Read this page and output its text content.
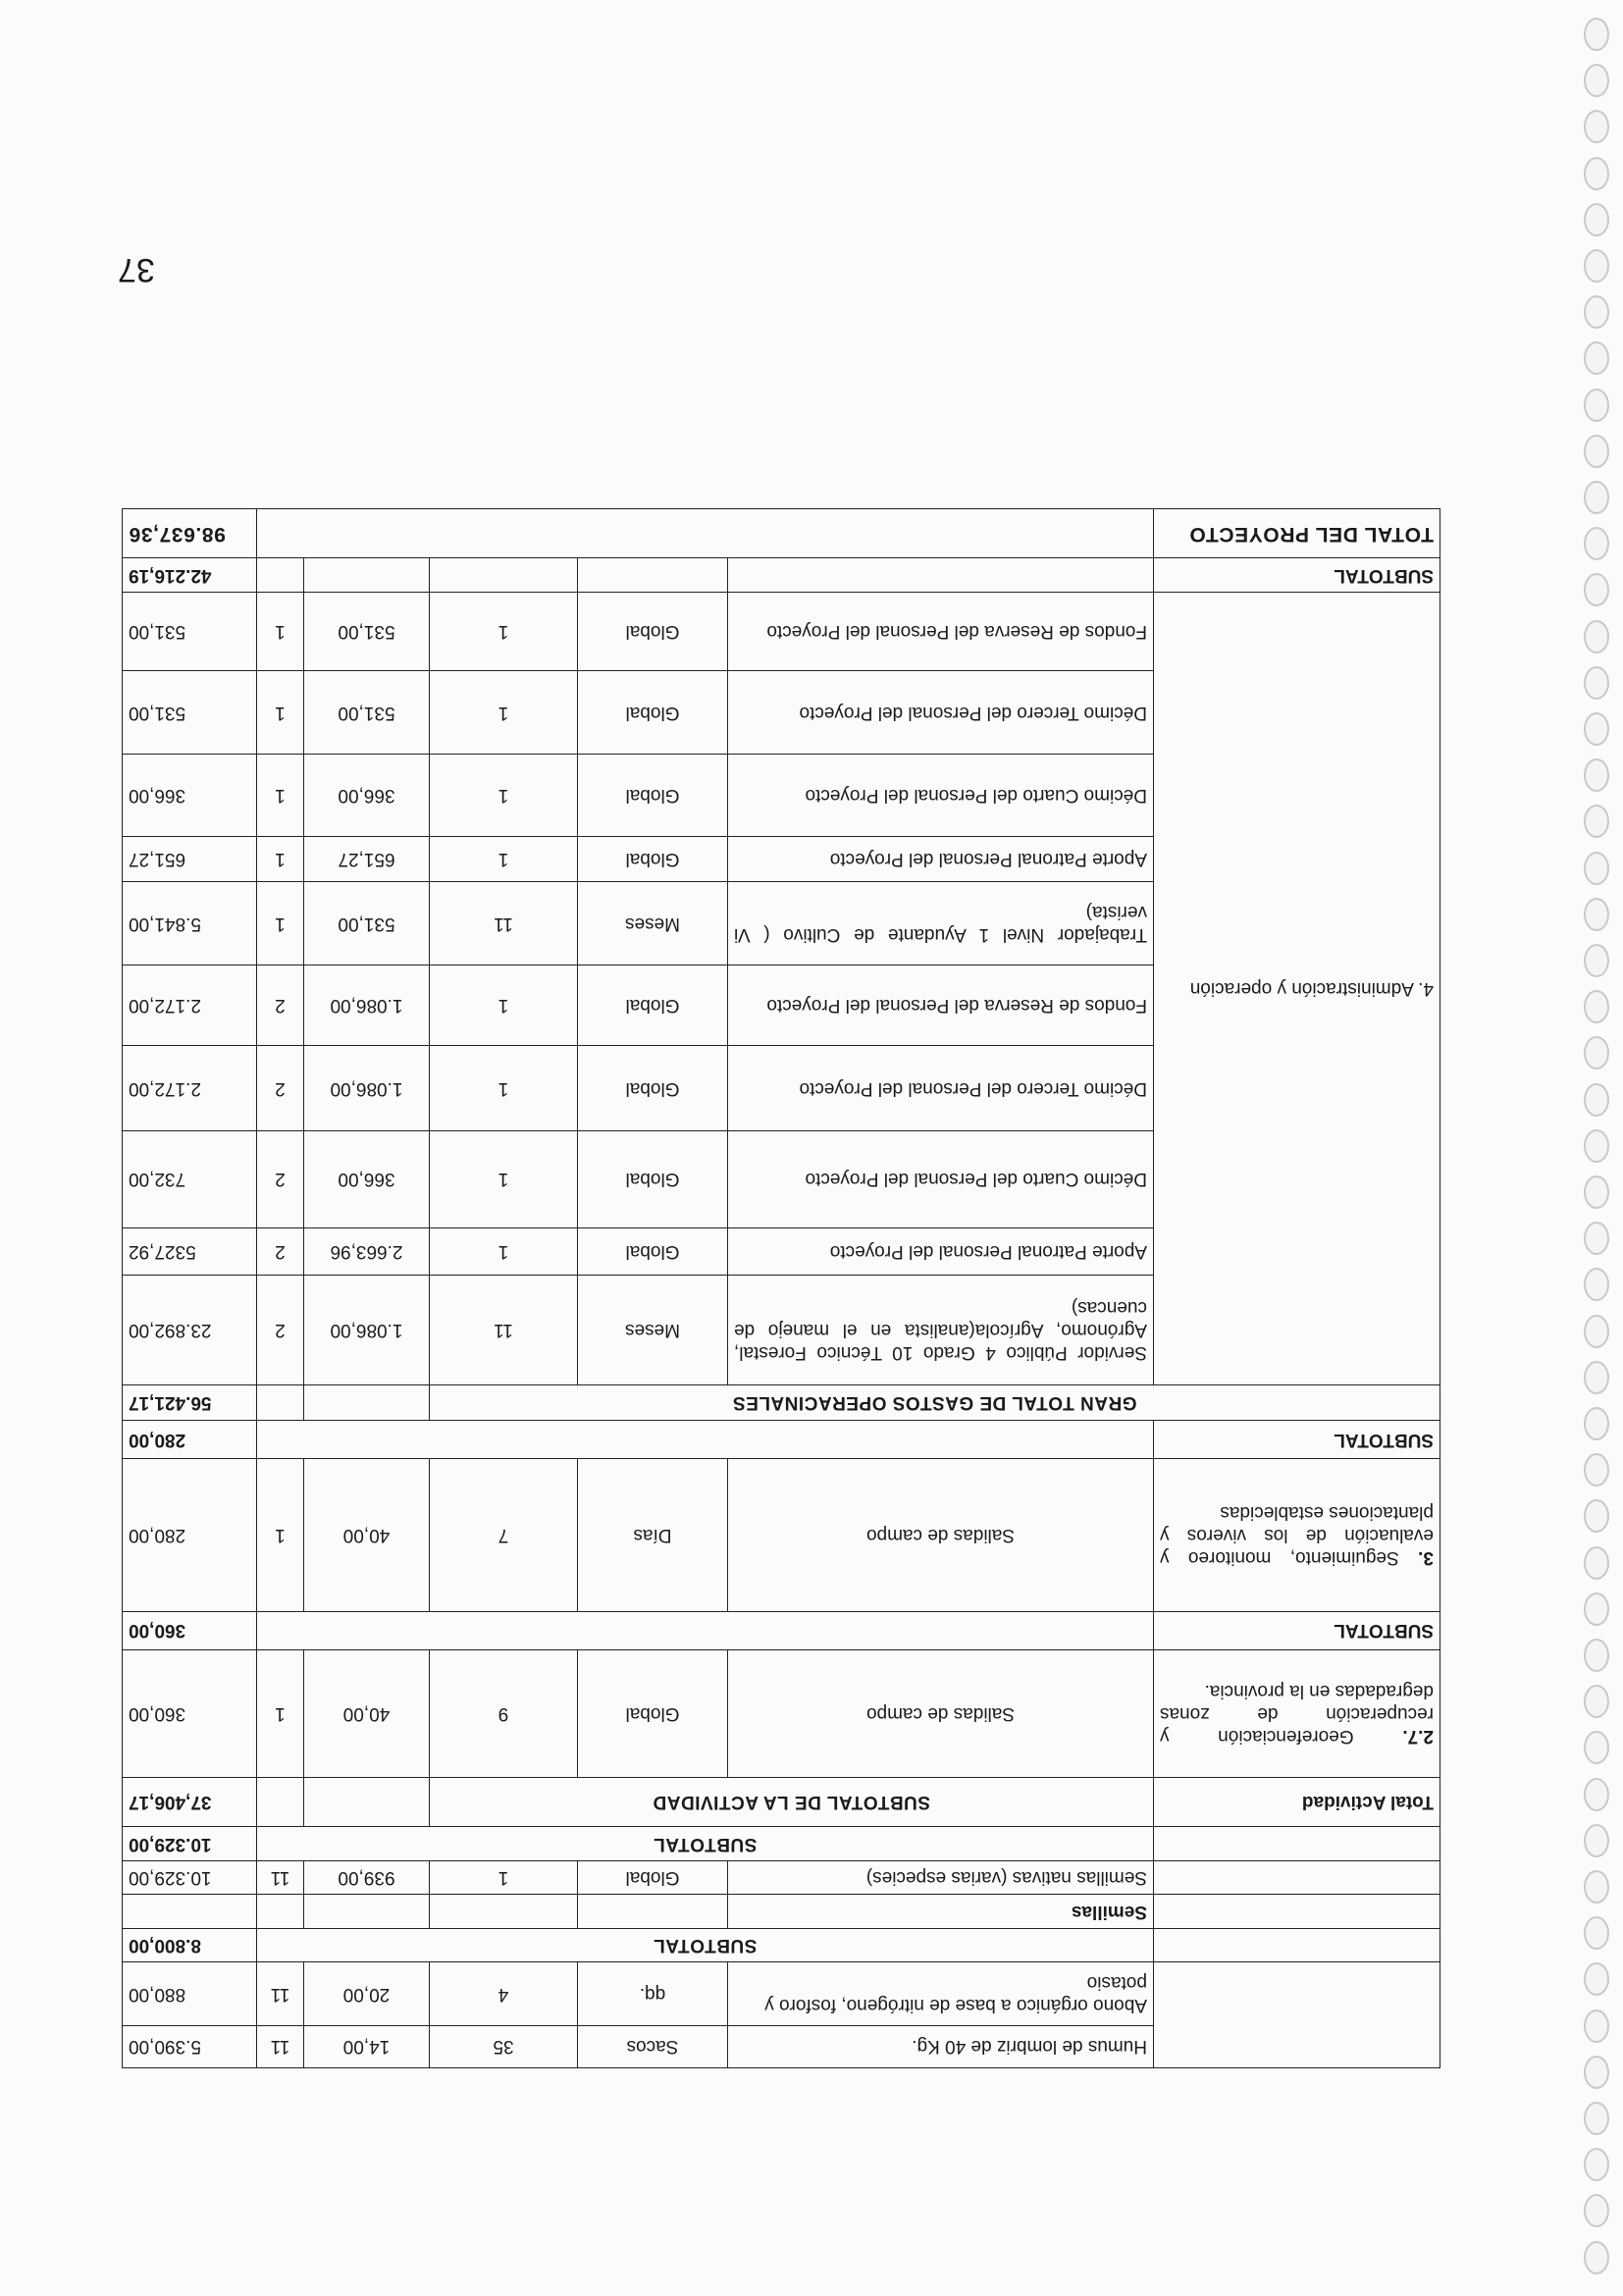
37
	Humus de lombriz de 40 Kg.	Sacos	35	14,00	11	5.390,00
	Abono orgánico a base de nitrógeno, fosforo y potasio	qq.	4	20,00	11	880,00
	SUBTOTAL					8.800,00
	Semillas					
	Semillas nativas (varias especies)	Global	1	939,00	11	10.329,00
	SUBTOTAL					10.329,00
Total Actividad	SUBTOTAL DE LA ACTIVIDAD					37,406,17
2.7. Georefenciación y recuperación de zonas degradadas en la provincia.	Salidas de campo	Global	9	40,00	1	360,00
SUBTOTAL						360,00
3. Seguimiento, monitoreo y evaluación de los viveros y plantaciones establecidas	Salidas de campo	Días	7	40,00	1	280,00
SUBTOTAL						280,00
GRAN TOTAL DE GASTOS OPERACINALES						56.421,17
4. Administración y operación	Servidor Público 4 Grado 10 Técnico Forestal, Agrónomo, Agrícola(analista en el manejo de cuencas)	Meses	11	1.086,00	2	23.892,00
	Aporte Patronal Personal del Proyecto	Global	1	2.663,96	2	5327,92
	Décimo Cuarto del Personal del Proyecto	Global	1	366,00	2	732,00
	Décimo Tercero del Personal del Proyecto	Global	1	1.086,00	2	2.172,00
	Fondos de Reserva del Personal del Proyecto	Global	1	1.086,00	2	2.172,00
	Trabajador Nivel 1 Ayudante de Cultivo ( Vi verista)	Meses	11	531,00	1	5.841,00
	Aporte Patronal Personal del Proyecto	Global	1	651,27	1	651,27
	Décimo Cuarto del Personal del Proyecto	Global	1	366,00	1	366,00
	Décimo Tercero del Personal del Proyecto	Global	1	531,00	1	531,00
	Fondos de Reserva del Personal del Proyecto	Global	1	531,00	1	531,00
SUBTOTAL						42.216,19
TOTAL DEL PROYECTO						98.637,36
